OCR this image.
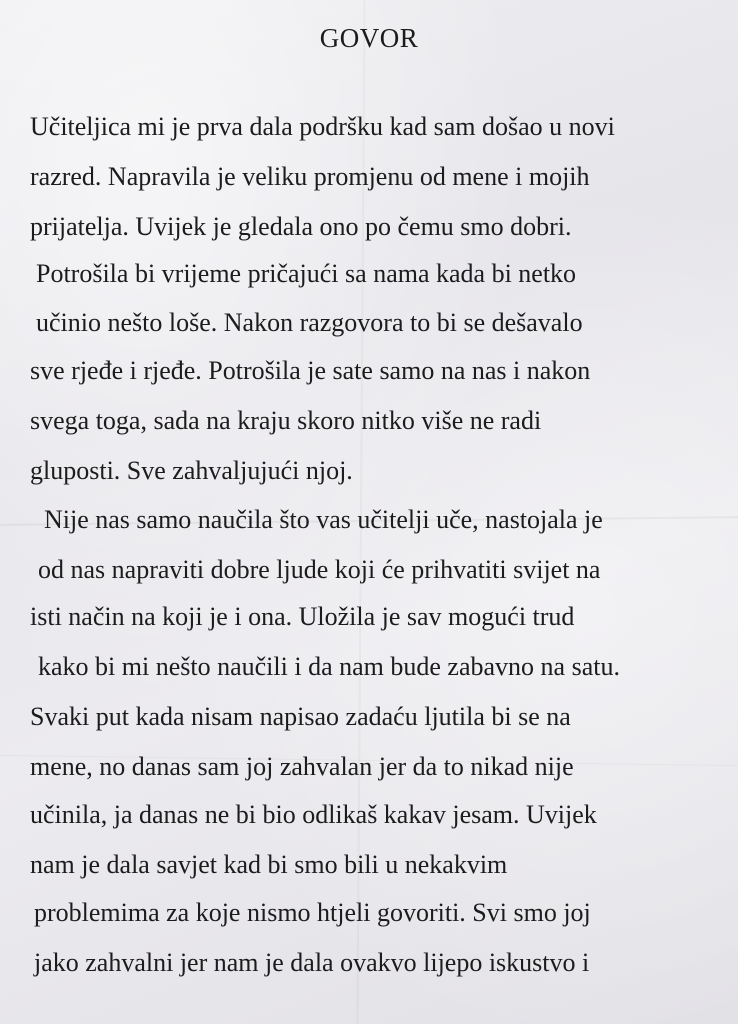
GOVOR
Učiteljica mi je prva dala podršku kad sam došao u novi
razred. Napravila je veliku promjenu od mene i mojih
prijatelja. Uvijek je gledala ono po čemu smo dobri.
Potrošila bi vrijeme pričajući sa nama kada bi netko
učinio nešto loše. Nakon razgovora to bi se dešavalo
sve rjeđe i rjeđe. Potrošila je sate samo na nas i nakon
svega toga, sada na kraju skoro nitko više ne radi
gluposti. Sve zahvaljujući njoj.
Nije nas samo naučila što vas učitelji uče, nastojala je
od nas napraviti dobre ljude koji će prihvatiti svijet na
isti način na koji je i ona. Uložila je sav mogući trud
kako bi mi nešto naučili i da nam bude zabavno na satu.
Svaki put kada nisam napisao zadaću ljutila bi se na
mene, no danas sam joj zahvalan jer da to nikad nije
učinila, ja danas ne bi bio odlikaš kakav jesam. Uvijek
nam je dala savjet kad bi smo bili u nekakvim
problemima za koje nismo htjeli govoriti. Svi smo joj
jako zahvalni jer nam je dala ovakvo lijepo iskustvo i
